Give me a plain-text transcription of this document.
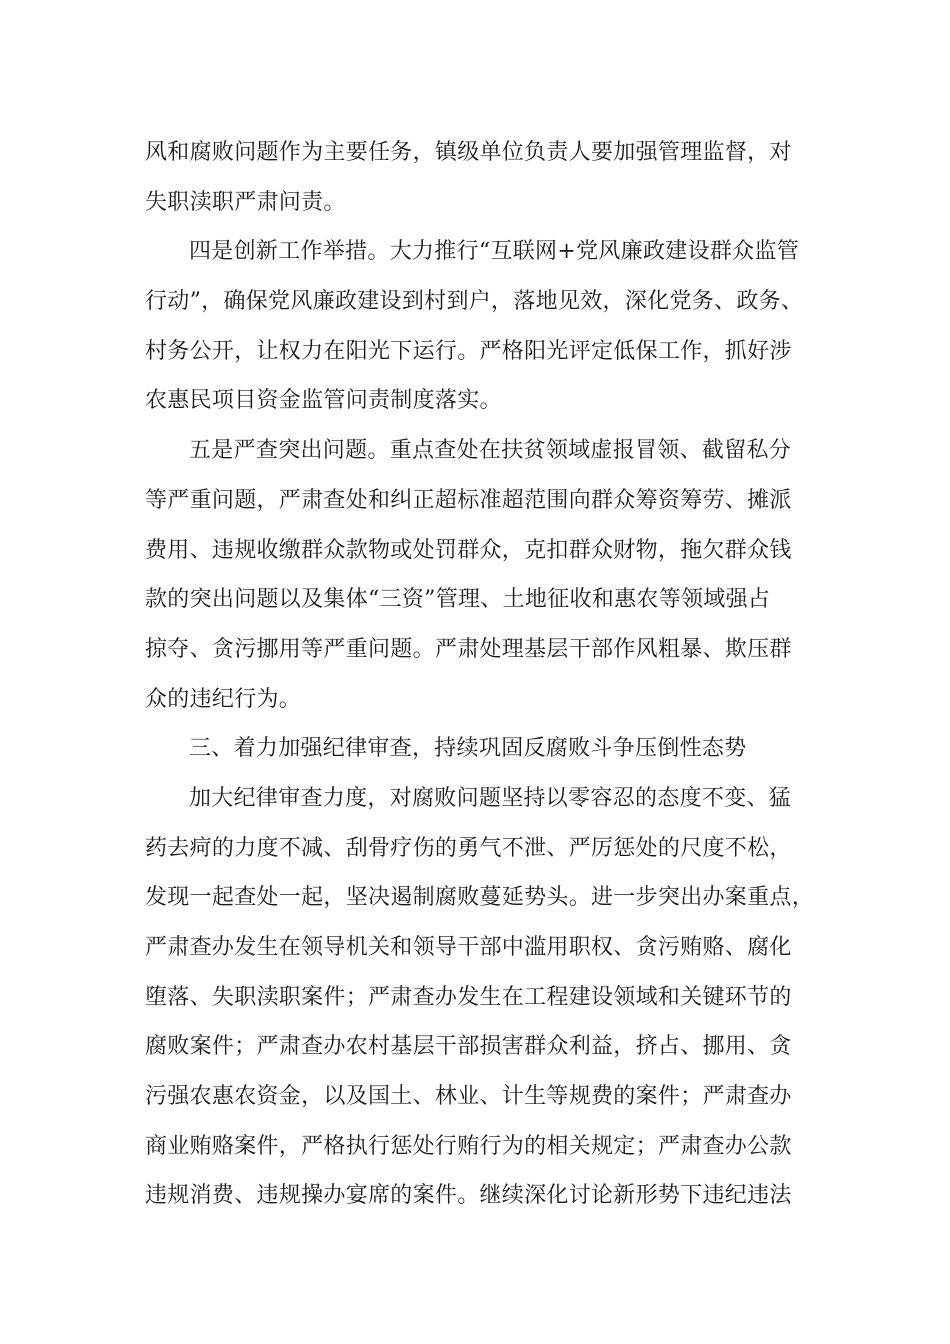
风和腐败问题作为主要任务，镇级单位负责人要加强管理监督，对
失职渎职严肃问责。
四是创新工作举措。大力推行“互联网+党风廉政建设群众监管
行动”，确保党风廉政建设到村到户，落地见效，深化党务、政务、
村务公开，让权力在阳光下运行。严格阳光评定低保工作，抓好涉
农惠民项目资金监管问责制度落实。
五是严查突出问题。重点查处在扶贫领域虚报冒领、截留私分
等严重问题，严肃查处和纠正超标准超范围向群众筹资筹劳、摊派
费用、违规收缴群众款物或处罚群众，克扣群众财物，拖欠群众钱
款的突出问题以及集体“三资”管理、土地征收和惠农等领域强占
掠夺、贪污挪用等严重问题。严肃处理基层干部作风粗暴、欺压群
众的违纪行为。
三、着力加强纪律审查，持续巩固反腐败斗争压倒性态势
加大纪律审查力度，对腐败问题坚持以零容忍的态度不变、猛
药去疴的力度不减、刮骨疗伤的勇气不泄、严厉惩处的尺度不松，
发现一起查处一起，坚决遏制腐败蔓延势头。进一步突出办案重点，
严肃查办发生在领导机关和领导干部中滥用职权、贪污贿赂、腐化
堕落、失职渎职案件；严肃查办发生在工程建设领域和关键环节的
腐败案件；严肃查办农村基层干部损害群众利益，挤占、挪用、贪
污强农惠农资金，以及国土、林业、计生等规费的案件；严肃查办
商业贿赂案件，严格执行惩处行贿行为的相关规定；严肃查办公款
违规消费、违规操办宴席的案件。继续深化讨论新形势下违纪违法
